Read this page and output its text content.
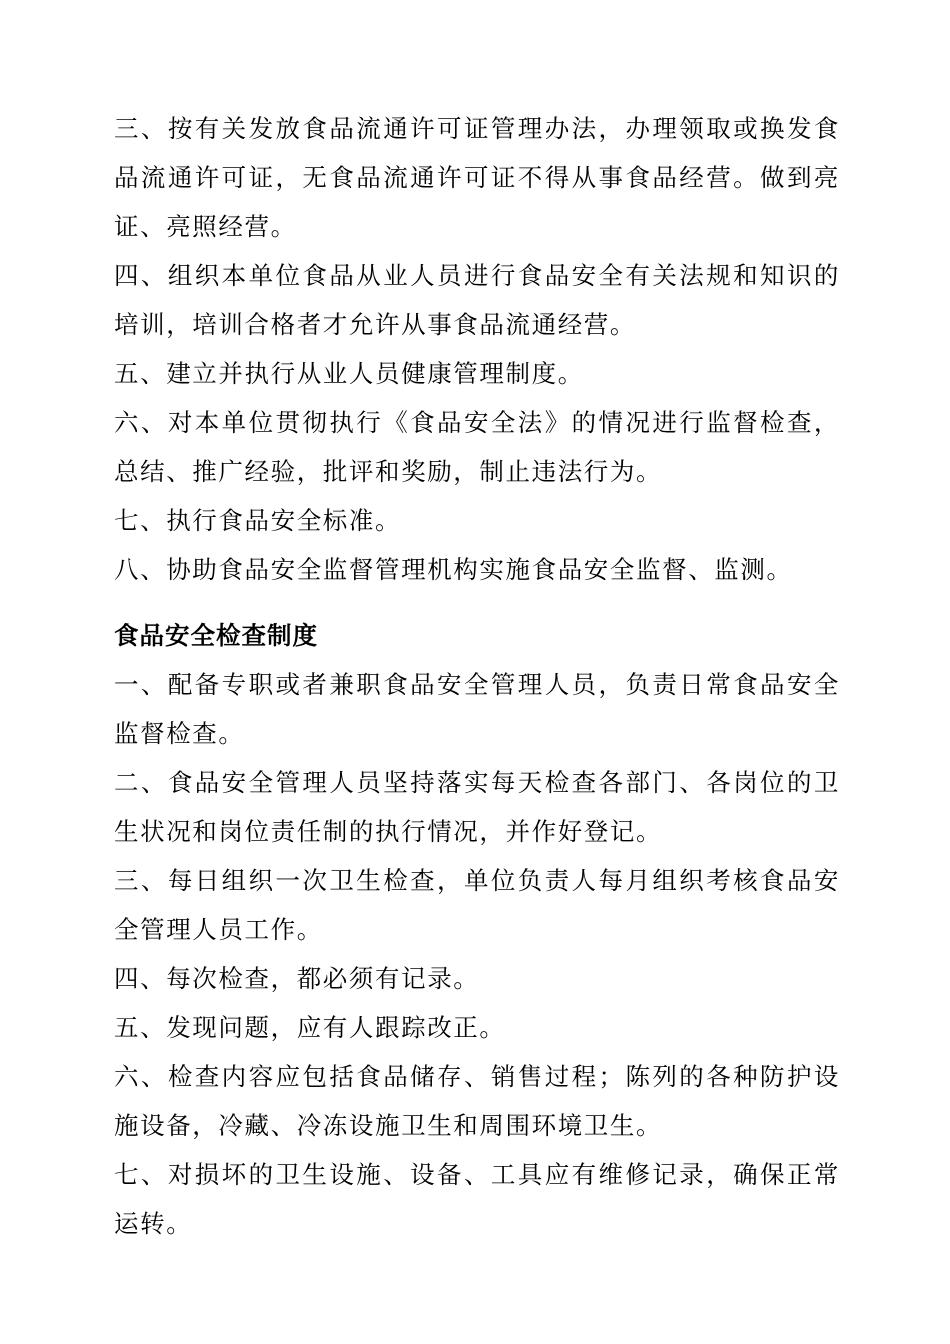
三、按有关发放食品流通许可证管理办法，办理领取或换发食品流通许可证，无食品流通许可证不得从事食品经营。做到亮证、亮照经营。

四、组织本单位食品从业人员进行食品安全有关法规和知识的培训，培训合格者才允许从事食品流通经营。

五、建立并执行从业人员健康管理制度。

六、对本单位贯彻执行《食品安全法》的情况进行监督检查，总结、推广经验，批评和奖励，制止违法行为。

七、执行食品安全标准。

八、协助食品安全监督管理机构实施食品安全监督、监测。

食品安全检查制度

一、配备专职或者兼职食品安全管理人员，负责日常食品安全监督检查。

二、食品安全管理人员坚持落实每天检查各部门、各岗位的卫生状况和岗位责任制的执行情况，并作好登记。

三、每日组织一次卫生检查，单位负责人每月组织考核食品安全管理人员工作。

四、每次检查，都必须有记录。

五、发现问题，应有人跟踪改正。

六、检查内容应包括食品储存、销售过程；陈列的各种防护设施设备，冷藏、冷冻设施卫生和周围环境卫生。

七、对损坏的卫生设施、设备、工具应有维修记录，确保正常运转。
